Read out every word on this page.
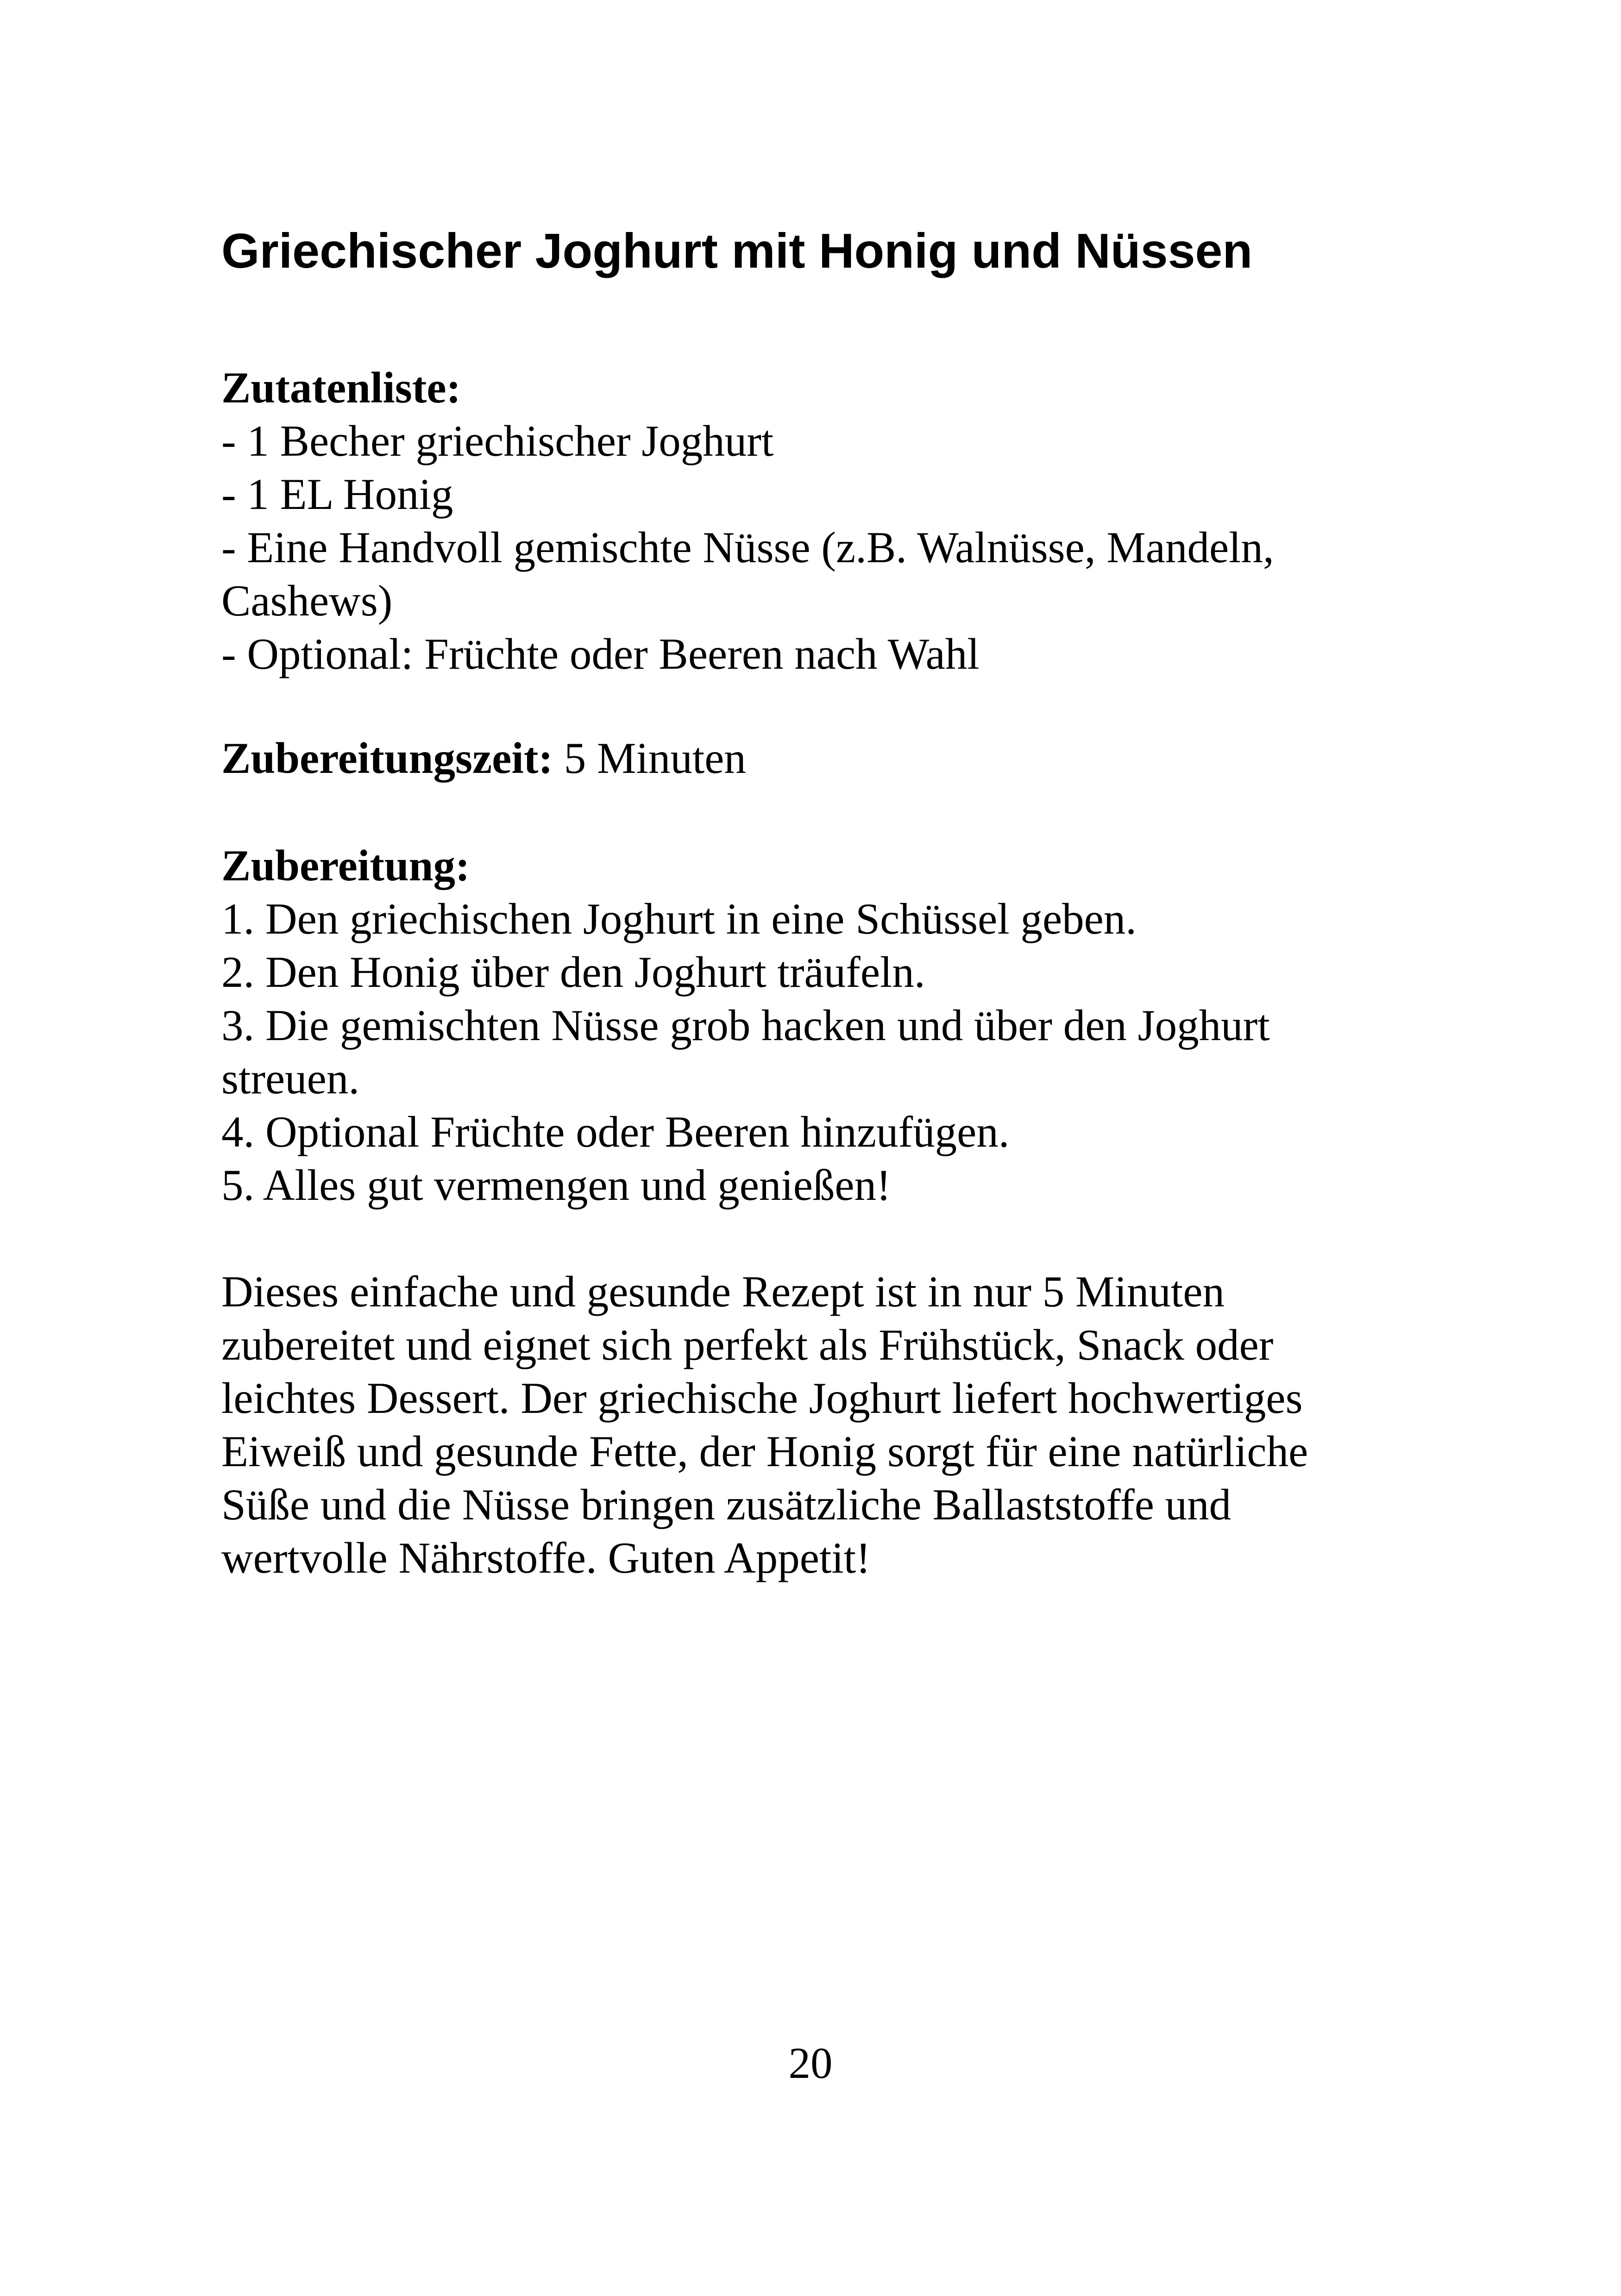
Griechischer Joghurt mit Honig und Nüssen
Zutatenliste:
- 1 Becher griechischer Joghurt
- 1 EL Honig
- Eine Handvoll gemischte Nüsse (z.B. Walnüsse, Mandeln,
Cashews)
- Optional: Früchte oder Beeren nach Wahl
Zubereitungszeit: 5 Minuten
Zubereitung:
1. Den griechischen Joghurt in eine Schüssel geben.
2. Den Honig über den Joghurt träufeln.
3. Die gemischten Nüsse grob hacken und über den Joghurt
streuen.
4. Optional Früchte oder Beeren hinzufügen.
5. Alles gut vermengen und genießen!
Dieses einfache und gesunde Rezept ist in nur 5 Minuten
zubereitet und eignet sich perfekt als Frühstück, Snack oder
leichtes Dessert. Der griechische Joghurt liefert hochwertiges
Eiweiß und gesunde Fette, der Honig sorgt für eine natürliche
Süße und die Nüsse bringen zusätzliche Ballaststoffe und
wertvolle Nährstoffe. Guten Appetit!
20
